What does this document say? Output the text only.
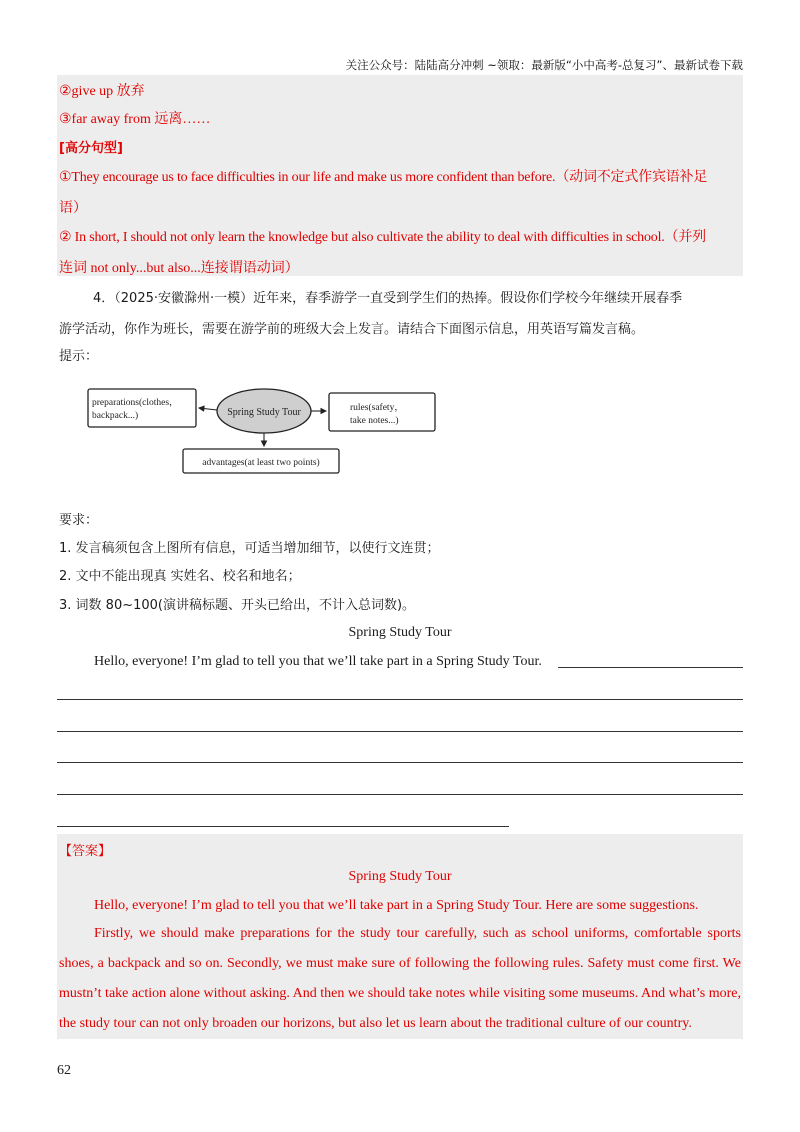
关注公众号：陆陆高分冲刺 ~领取：最新版“小中高考-总复习”、最新试卷下载
②give up 放弃
③far away from 远离……
[高分句型]
①They encourage us to face difficulties in our life and make us more confident than before.（动词不定式作宾语补足
语）
② In short, I should not only learn the knowledge but also cultivate the ability to deal with difficulties in school.（并列
连词 not only...but also...连接谓语动词）
4．（2025·安徽滁州·一模）近年来，春季游学一直受到学生们的热捧。假设你们学校今年继续开展春季
游学活动，你作为班长，需要在游学前的班级大会上发言。请结合下面图示信息，用英语写篇发言稿。
提示：
preparations(clothes，
backpack...)	Spring Study Tour	rules(safety，
take notes...)
advantages(at least two points)
要求：
1. 发言稿须包含上图所有信息，可适当增加细节，以使行文连贯；
2. 文中不能出现真 实姓名、校名和地名；
3. 词数 80~100(演讲稿标题、开头已给出，不计入总词数)。
Spring Study Tour
Hello, everyone! I’m glad to tell you that we’ll take part in a Spring Study Tour.
【答案】
Spring Study Tour
Hello, everyone! I’m glad to tell you that we’ll take part in a Spring Study Tour. Here are some suggestions.
Firstly, we should make preparations for the study tour carefully, such as school uniforms, comfortable sports shoes, a backpack and so on. Secondly, we must make sure of following the following rules. Safety must come first. We mustn’t take action alone without asking. And then we should take notes while visiting some museums. And what’s more, the study tour can not only broaden our horizons, but also let us learn about the traditional culture of our country.
62
